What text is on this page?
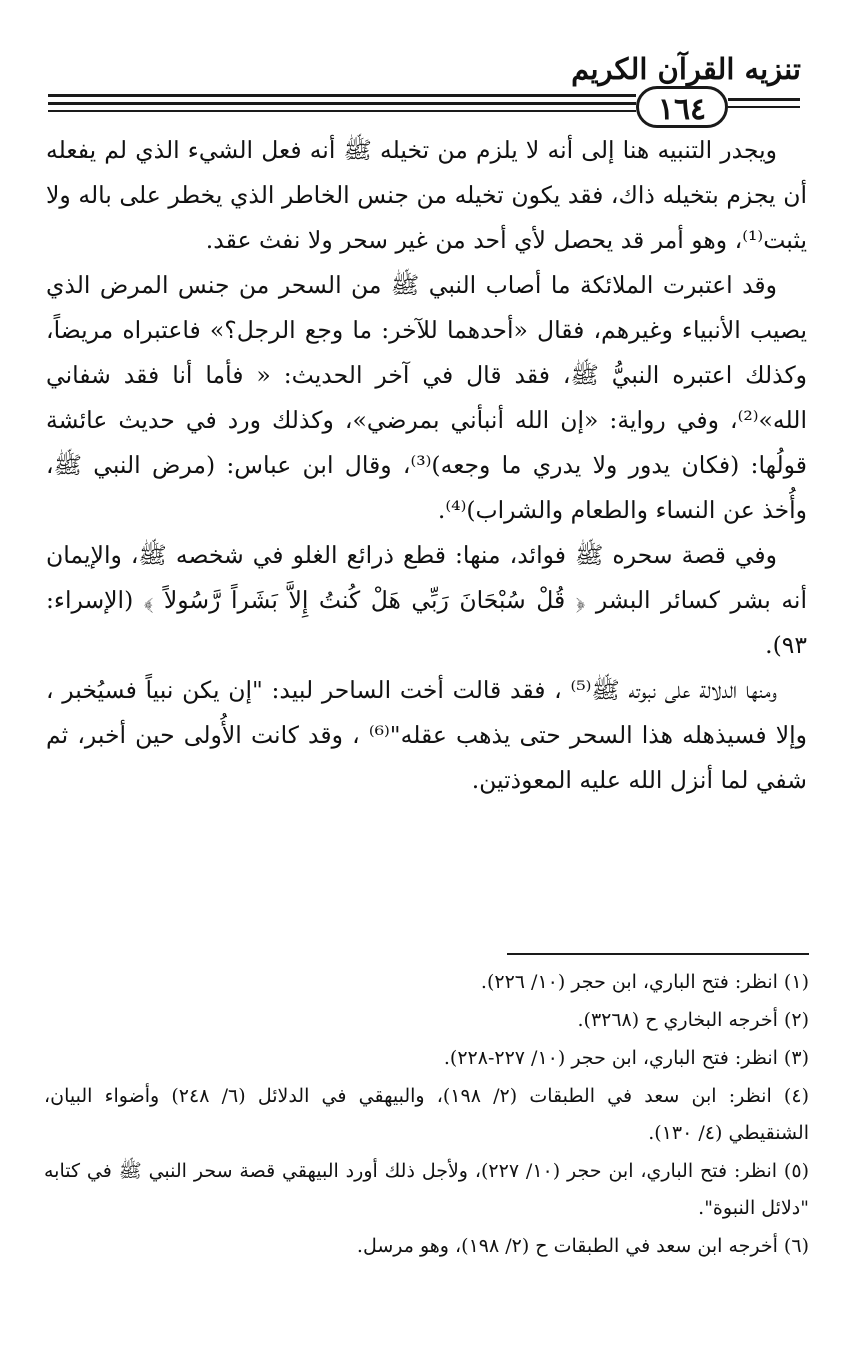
تنزيه القرآن الكريم
١٦٤

ويجدر التنبيه هنا إلى أنه لا يلزم من تخيله ﷺ أنه فعل الشيء الذي لم يفعله أن يجزم بتخيله ذاك، فقد يكون تخيله من جنس الخاطر الذي يخطر على باله ولا يثبت⁽¹⁾، وهو أمر قد يحصل لأي أحد من غير سحر ولا نفث عقد.

وقد اعتبرت الملائكة ما أصاب النبي ﷺ من السحر من جنس المرض الذي يصيب الأنبياء وغيرهم، فقال «أحدهما للآخر: ما وجع الرجل؟» فاعتبراه مريضاً، وكذلك اعتبره النبيُّ ﷺ، فقد قال في آخر الحديث: « فأما أنا فقد شفاني الله»⁽²⁾، وفي رواية: «إن الله أنبأني بمرضي»، وكذلك ورد في حديث عائشة قولُها: (فكان يدور ولا يدري ما وجعه)⁽³⁾، وقال ابن عباس: (مرض النبي ﷺ، وأُخذ عن النساء والطعام والشراب)⁽⁴⁾.

وفي قصة سحره ﷺ فوائد، منها: قطع ذرائع الغلو في شخصه ﷺ، والإيمان أنه بشر كسائر البشر ﴿ قُلْ سُبْحَانَ رَبِّي هَلْ كُنتُ إِلاَّ بَشَراً رَّسُولاً ﴾ (الإسراء: ٩٣).

ومنها الدلالة على نبوته ﷺ⁽⁵⁾ ، فقد قالت أخت الساحر لبيد: "إن يكن نبياً فسيُخبر ، وإلا فسيذهله هذا السحر حتى يذهب عقله"⁽⁶⁾ ، وقد كانت الأُولى حين أخبر، ثم شفي لما أنزل الله عليه المعوذتين.

(١) انظر: فتح الباري، ابن حجر (١٠/ ٢٢٦).

(٢) أخرجه البخاري ح (٣٢٦٨).

(٣) انظر: فتح الباري، ابن حجر (١٠/ ٢٢٧-٢٢٨).

(٤) انظر: ابن سعد في الطبقات (٢/ ١٩٨)، والبيهقي في الدلائل (٦/ ٢٤٨) وأضواء البيان، الشنقيطي (٤/ ١٣٠).

(٥) انظر: فتح الباري، ابن حجر (١٠/ ٢٢٧)، ولأجل ذلك أورد البيهقي قصة سحر النبي ﷺ في كتابه "دلائل النبوة".

(٦) أخرجه ابن سعد في الطبقات ح (٢/ ١٩٨)، وهو مرسل.
